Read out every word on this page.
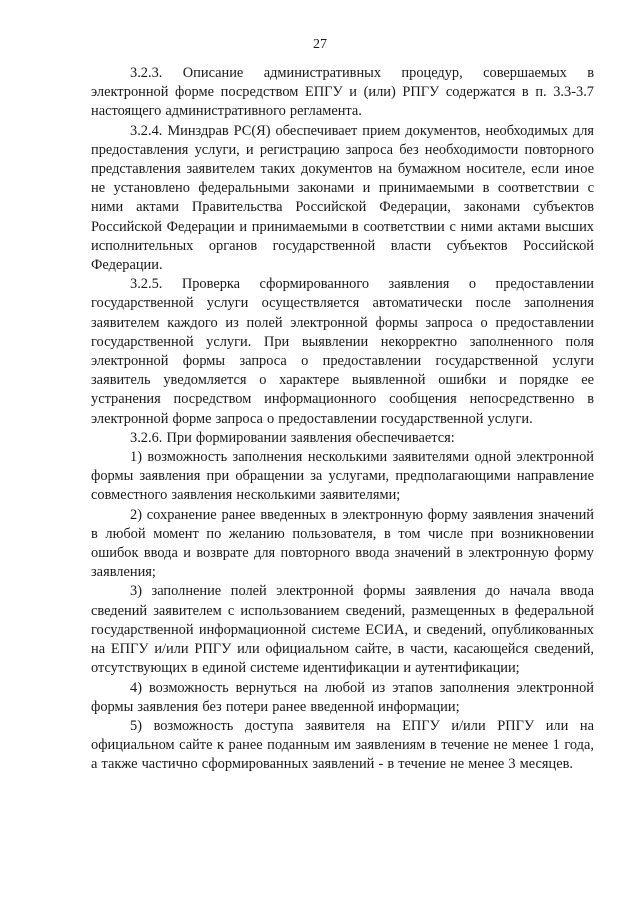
27

3.2.3. Описание административных процедур, совершаемых в электронной форме посредством ЕПГУ и (или) РПГУ содержатся в п. 3.3-3.7 настоящего административного регламента.

3.2.4. Минздрав РС(Я) обеспечивает прием документов, необходимых для предоставления услуги, и регистрацию запроса без необходимости повторного представления заявителем таких документов на бумажном носителе, если иное не установлено федеральными законами и принимаемыми в соответствии с ними актами Правительства Российской Федерации, законами субъектов Российской Федерации и принимаемыми в соответствии с ними актами высших исполнительных органов государственной власти субъектов Российской Федерации.

3.2.5. Проверка сформированного заявления о предоставлении государственной услуги осуществляется автоматически после заполнения заявителем каждого из полей электронной формы запроса о предоставлении государственной услуги. При выявлении некорректно заполненного поля электронной формы запроса о предоставлении государственной услуги заявитель уведомляется о характере выявленной ошибки и порядке ее устранения посредством информационного сообщения непосредственно в электронной форме запроса о предоставлении государственной услуги.

3.2.6. При формировании заявления обеспечивается:

1) возможность заполнения несколькими заявителями одной электронной формы заявления при обращении за услугами, предполагающими направление совместного заявления несколькими заявителями;

2) сохранение ранее введенных в электронную форму заявления значений в любой момент по желанию пользователя, в том числе при возникновении ошибок ввода и возврате для повторного ввода значений в электронную форму заявления;

3) заполнение полей электронной формы заявления до начала ввода сведений заявителем с использованием сведений, размещенных в федеральной государственной информационной системе ЕСИА, и сведений, опубликованных на ЕПГУ и/или РПГУ или официальном сайте, в части, касающейся сведений, отсутствующих в единой системе идентификации и аутентификации;

4) возможность вернуться на любой из этапов заполнения электронной формы заявления без потери ранее введенной информации;

5) возможность доступа заявителя на ЕПГУ и/или РПГУ или на официальном сайте к ранее поданным им заявлениям в течение не менее 1 года, а также частично сформированных заявлений - в течение не менее 3 месяцев.
